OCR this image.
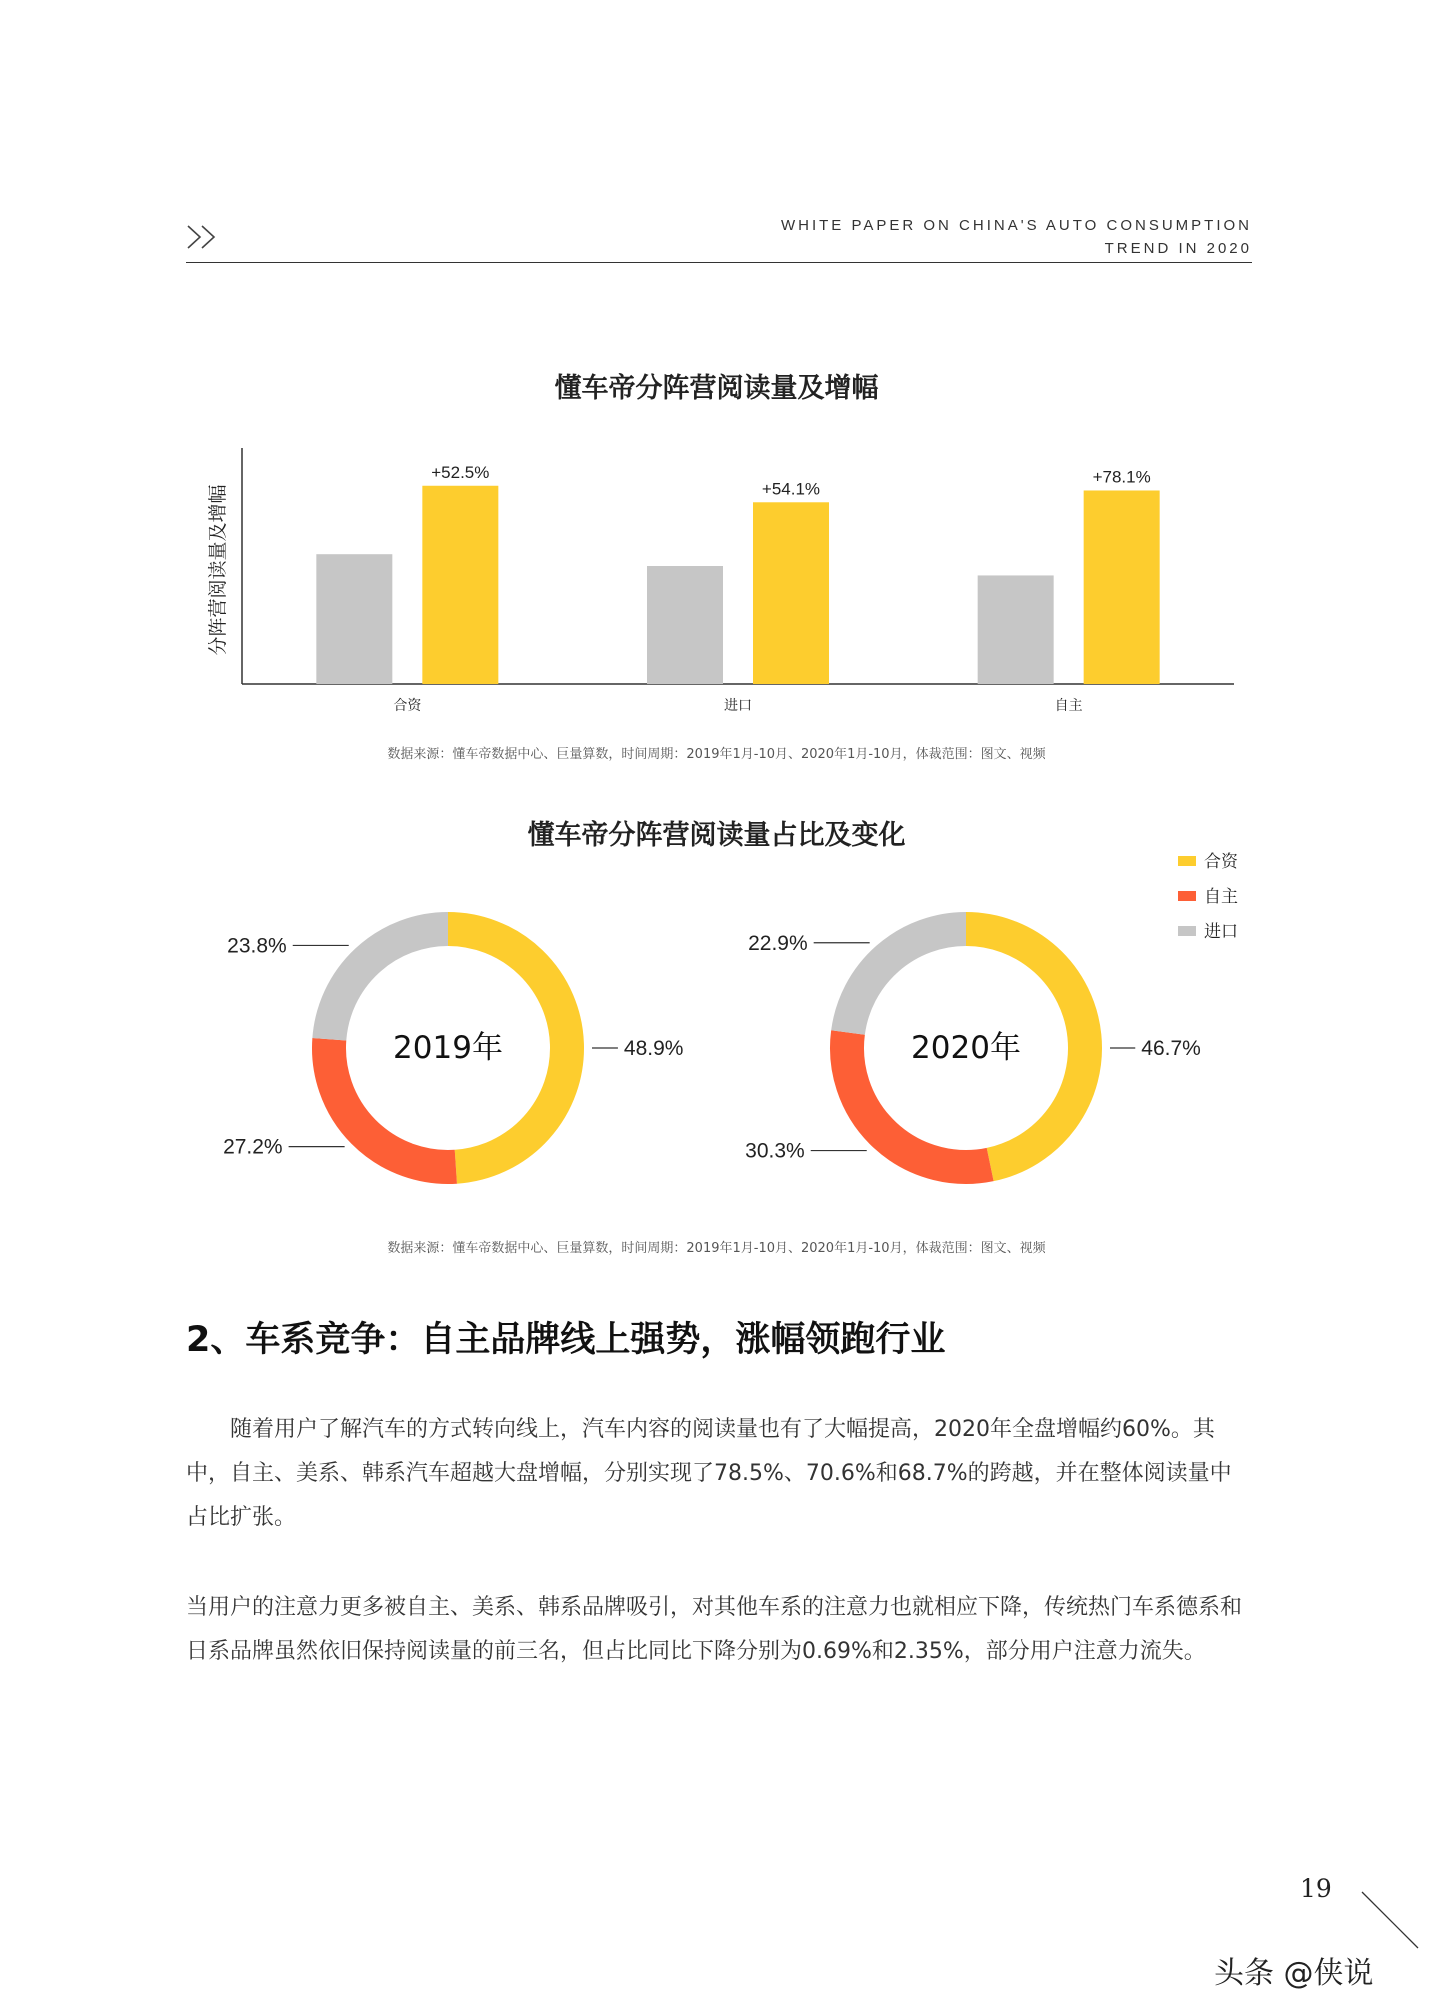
WHITE PAPER ON CHINA'S AUTO CONSUMPTION
TREND IN 2020
懂车帝分阵营阅读量及增幅
分阵营阅读量及增幅
+52.5%
合资
+54.1%
进口
+78.1%
自主
数据来源：懂车帝数据中心、巨量算数，时间周期：2019年1月-10月、2020年1月-10月，体裁范围：图文、视频
懂车帝分阵营阅读量占比及变化
48.9%
27.2%
23.8%
2019年	46.7%
30.3%
22.9%
2020年
合资
自主
进口
数据来源：懂车帝数据中心、巨量算数，时间周期：2019年1月-10月、2020年1月-10月，体裁范围：图文、视频
2、车系竞争：自主品牌线上强势，涨幅领跑行业
随着用户了解汽车的方式转向线上，汽车内容的阅读量也有了大幅提高，2020年全盘增幅约60%。其中，自主、美系、韩系汽车超越大盘增幅，分别实现了78.5%、70.6%和68.7%的跨越，并在整体阅读量中占比扩张。
当用户的注意力更多被自主、美系、韩系品牌吸引，对其他车系的注意力也就相应下降，传统热门车系德系和日系品牌虽然依旧保持阅读量的前三名，但占比同比下降分别为0.69%和2.35%，部分用户注意力流失。
19
头条 @侠说
